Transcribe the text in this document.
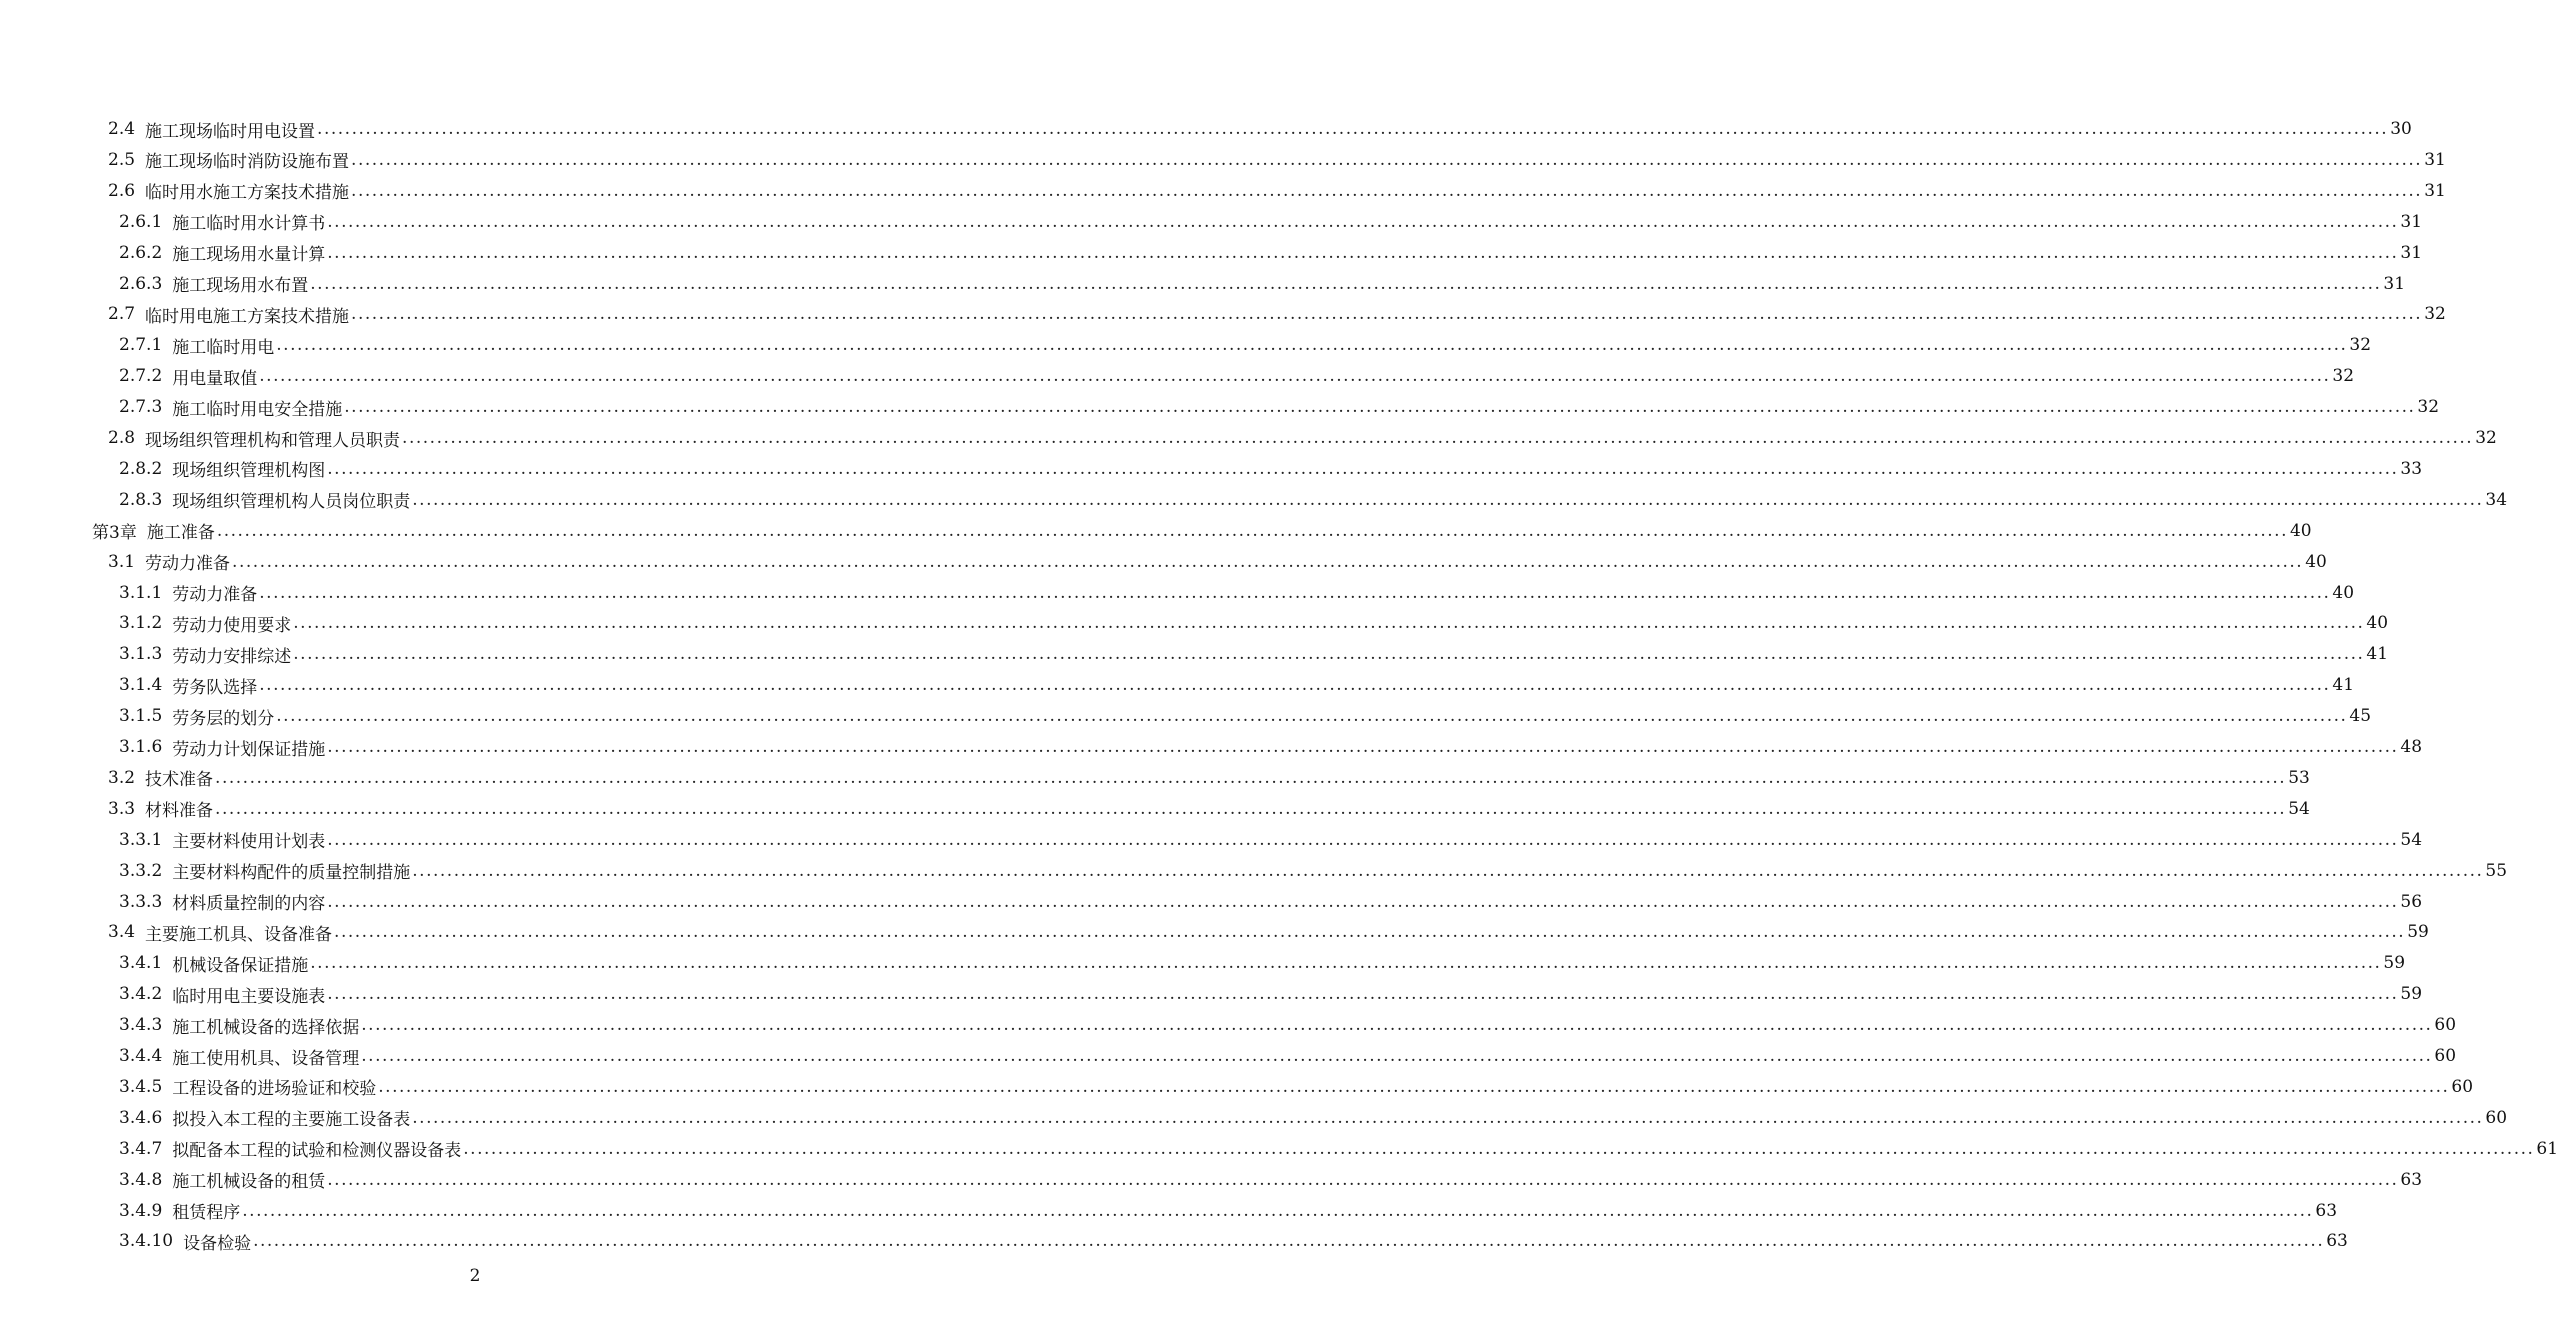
2.4 施工现场临时用电设置 ............................................................................................................................................................................................................................................................................................................ 30
2.5 施工现场临时消防设施布置 ............................................................................................................................................................................................................................................................................................................ 31
2.6 临时用水施工方案技术措施 ............................................................................................................................................................................................................................................................................................................ 31
2.6.1 施工临时用水计算书 ............................................................................................................................................................................................................................................................................................................ 31
2.6.2 施工现场用水量计算 ............................................................................................................................................................................................................................................................................................................ 31
2.6.3 施工现场用水布置 ............................................................................................................................................................................................................................................................................................................ 31
2.7 临时用电施工方案技术措施 ............................................................................................................................................................................................................................................................................................................ 32
2.7.1 施工临时用电 ............................................................................................................................................................................................................................................................................................................ 32
2.7.2 用电量取值 ............................................................................................................................................................................................................................................................................................................ 32
2.7.3 施工临时用电安全措施 ............................................................................................................................................................................................................................................................................................................ 32
2.8 现场组织管理机构和管理人员职责 ............................................................................................................................................................................................................................................................................................................ 32
2.8.2 现场组织管理机构图 ............................................................................................................................................................................................................................................................................................................ 33
2.8.3 现场组织管理机构人员岗位职责 ............................................................................................................................................................................................................................................................................................................ 34
第3章 施工准备 ............................................................................................................................................................................................................................................................................................................ 40
3.1 劳动力准备 ............................................................................................................................................................................................................................................................................................................ 40
3.1.1 劳动力准备 ............................................................................................................................................................................................................................................................................................................ 40
3.1.2 劳动力使用要求 ............................................................................................................................................................................................................................................................................................................ 40
3.1.3 劳动力安排综述 ............................................................................................................................................................................................................................................................................................................ 41
3.1.4 劳务队选择 ............................................................................................................................................................................................................................................................................................................ 41
3.1.5 劳务层的划分 ............................................................................................................................................................................................................................................................................................................ 45
3.1.6 劳动力计划保证措施 ............................................................................................................................................................................................................................................................................................................ 48
3.2 技术准备 ............................................................................................................................................................................................................................................................................................................ 53
3.3 材料准备 ............................................................................................................................................................................................................................................................................................................ 54
3.3.1 主要材料使用计划表 ............................................................................................................................................................................................................................................................................................................ 54
3.3.2 主要材料构配件的质量控制措施 ............................................................................................................................................................................................................................................................................................................ 55
3.3.3 材料质量控制的内容 ............................................................................................................................................................................................................................................................................................................ 56
3.4 主要施工机具、设备准备 ............................................................................................................................................................................................................................................................................................................ 59
3.4.1 机械设备保证措施 ............................................................................................................................................................................................................................................................................................................ 59
3.4.2 临时用电主要设施表 ............................................................................................................................................................................................................................................................................................................ 59
3.4.3 施工机械设备的选择依据 ............................................................................................................................................................................................................................................................................................................ 60
3.4.4 施工使用机具、设备管理 ............................................................................................................................................................................................................................................................................................................ 60
3.4.5 工程设备的进场验证和校验 ............................................................................................................................................................................................................................................................................................................ 60
3.4.6 拟投入本工程的主要施工设备表 ............................................................................................................................................................................................................................................................................................................ 60
3.4.7 拟配备本工程的试验和检测仪器设备表 ............................................................................................................................................................................................................................................................................................................ 61
3.4.8 施工机械设备的租赁 ............................................................................................................................................................................................................................................................................................................ 63
3.4.9 租赁程序 ............................................................................................................................................................................................................................................................................................................ 63
3.4.10 设备检验 ............................................................................................................................................................................................................................................................................................................ 63
2
